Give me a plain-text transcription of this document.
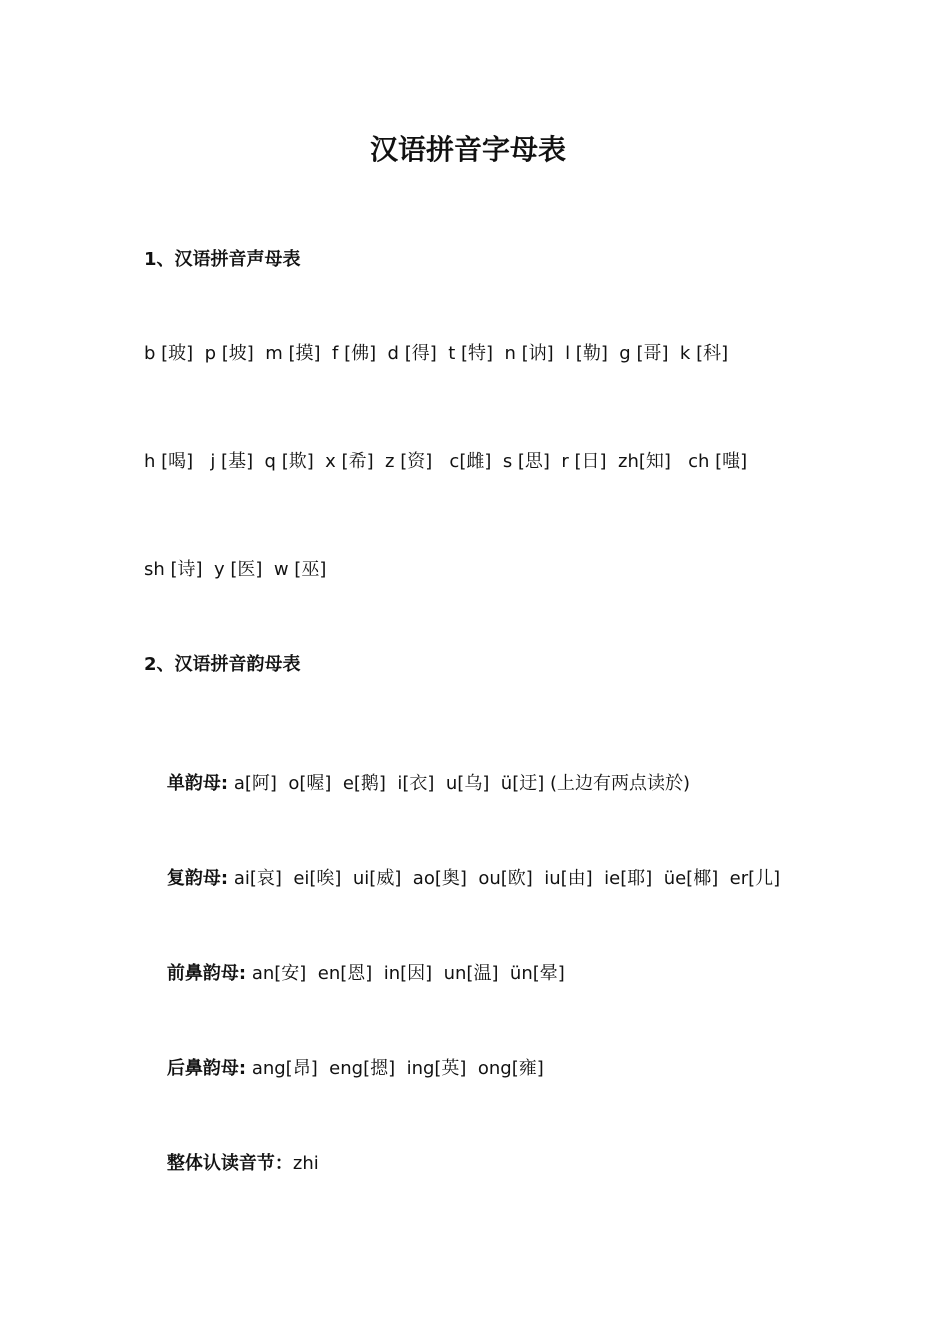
汉语拼音字母表
1、汉语拼音声母表
b [玻]  p [坡]  m [摸]  f [佛]  d [得]  t [特]  n [讷]  l [勒]  g [哥]  k [科]
h [喝]   j [基]  q [欺]  x [希]  z [资]   c[雌]  s [思]  r [日]  zh[知]   ch [嗤]
sh [诗]  y [医]  w [巫]
2、汉语拼音韵母表

单韵母: a[阿]  o[喔]  e[鹅]  i[衣]  u[乌]  ü[迂] (上边有两点读於)

复韵母: ai[哀]  ei[唉]  ui[威]  ao[奥]  ou[欧]  iu[由]  ie[耶]  üe[椰]  er[儿]

前鼻韵母: an[安]  en[恩]  in[因]  un[温]  ün[晕]

后鼻韵母: ang[昂]  eng[摁]  ing[英]  ong[雍]

整体认读音节：zhi
